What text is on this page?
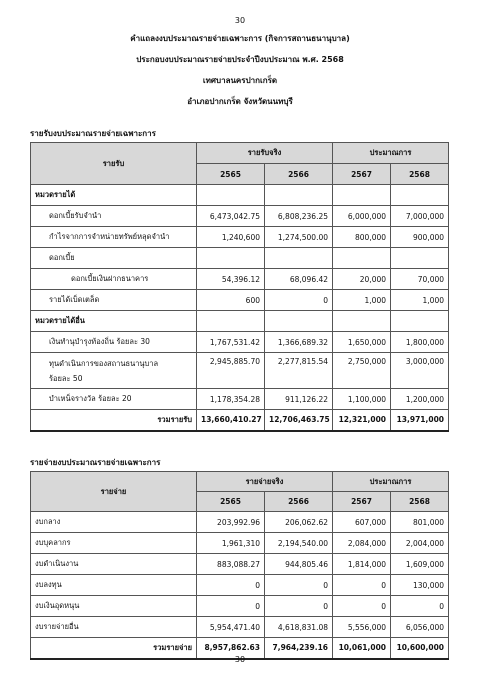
30
คำแถลงงบประมาณรายจ่ายเฉพาะการ (กิจการสถานธนานุบาล)
ประกอบงบประมาณรายจ่ายประจำปีงบประมาณ พ.ศ. 2568
เทศบาลนครปากเกร็ด
อำเภอปากเกร็ด จังหวัดนนทบุรี
รายรับงบประมาณรายจ่ายเฉพาะการ
รายรับ	รายรับจริง		ประมาณการ	
	2565	2566	2567	2568
หมวดรายได้				
ดอกเบี้ยรับจำนำ	6,473,042.75	6,808,236.25	6,000,000	7,000,000
กำไรจากการจำหน่ายทรัพย์หลุดจำนำ	1,240,600	1,274,500.00	800,000	900,000
ดอกเบี้ย				
ดอกเบี้ยเงินฝากธนาคาร	54,396.12	68,096.42	20,000	70,000
รายได้เบ็ดเตล็ด	600	0	1,000	1,000
หมวดรายได้อื่น				
เงินทำนุบำรุงท้องถิ่น ร้อยละ 30	1,767,531.42	1,366,689.32	1,650,000	1,800,000
ทุนดำเนินการของสถานธนานุบาล
ร้อยละ 50	2,945,885.70	2,277,815.54	2,750,000	3,000,000
บำเหน็จรางวัล ร้อยละ 20	1,178,354.28	911,126.22	1,100,000	1,200,000
รวมรายรับ	13,660,410.27	12,706,463.75	12,321,000	13,971,000
รายจ่ายงบประมาณรายจ่ายเฉพาะการ
รายจ่าย	รายจ่ายจริง		ประมาณการ	
	2565	2566	2567	2568
งบกลาง	203,992.96	206,062.62	607,000	801,000
งบบุคลากร	1,961,310	2,194,540.00	2,084,000	2,004,000
งบดำเนินงาน	883,088.27	944,805.46	1,814,000	1,609,000
งบลงทุน	0	0	0	130,000
งบเงินอุดหนุน	0	0	0	0
งบรายจ่ายอื่น	5,954,471.40	4,618,831.08	5,556,000	6,056,000
รวมรายจ่าย	8,957,862.63	7,964,239.16	10,061,000	10,600,000
30
